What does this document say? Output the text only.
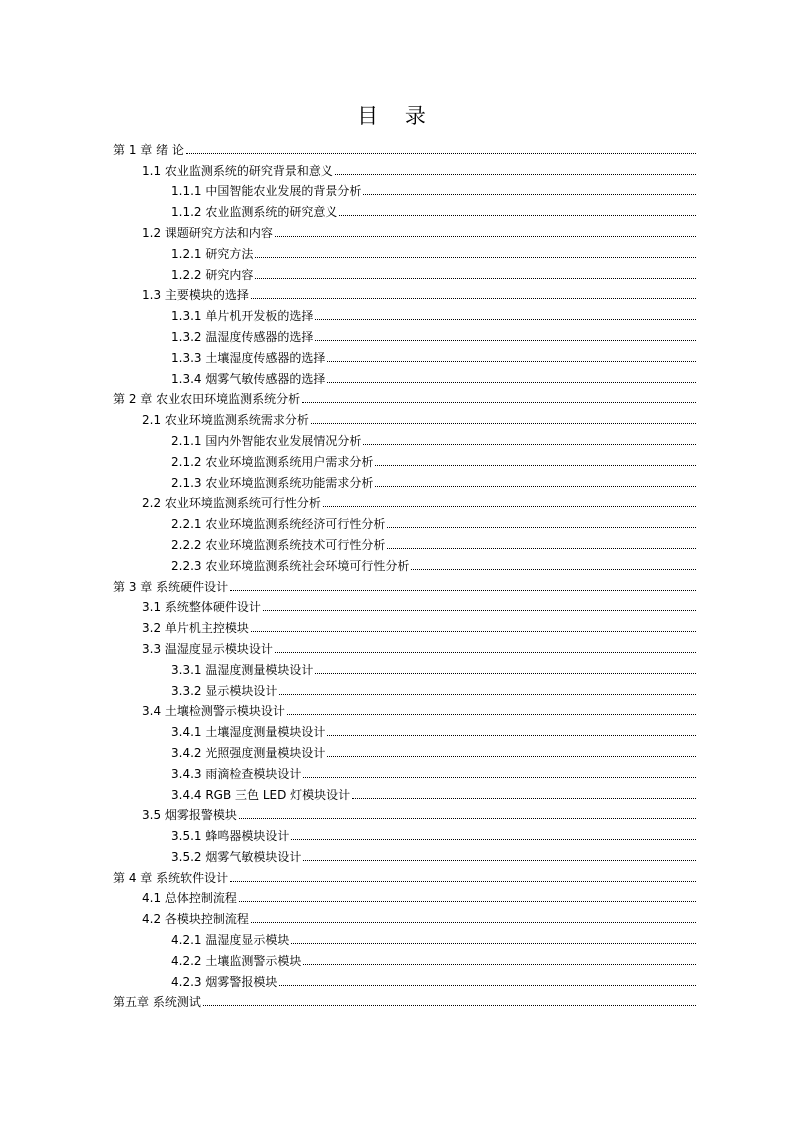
目 录
第 1 章 绪 论
1.1 农业监测系统的研究背景和意义
1.1.1 中国智能农业发展的背景分析
1.1.2 农业监测系统的研究意义
1.2 课题研究方法和内容
1.2.1 研究方法
1.2.2 研究内容
1.3 主要模块的选择
1.3.1 单片机开发板的选择
1.3.2 温湿度传感器的选择
1.3.3 土壤湿度传感器的选择
1.3.4 烟雾气敏传感器的选择
第 2 章 农业农田环境监测系统分析
2.1 农业环境监测系统需求分析
2.1.1 国内外智能农业发展情况分析
2.1.2 农业环境监测系统用户需求分析
2.1.3 农业环境监测系统功能需求分析
2.2 农业环境监测系统可行性分析
2.2.1 农业环境监测系统经济可行性分析
2.2.2 农业环境监测系统技术可行性分析
2.2.3 农业环境监测系统社会环境可行性分析
第 3 章 系统硬件设计
3.1 系统整体硬件设计
3.2 单片机主控模块
3.3 温湿度显示模块设计
3.3.1 温湿度测量模块设计
3.3.2 显示模块设计
3.4 土壤检测警示模块设计
3.4.1 土壤湿度测量模块设计
3.4.2 光照强度测量模块设计
3.4.3 雨滴检查模块设计
3.4.4 RGB 三色 LED 灯模块设计
3.5 烟雾报警模块
3.5.1 蜂鸣器模块设计
3.5.2 烟雾气敏模块设计
第 4 章 系统软件设计
4.1 总体控制流程
4.2 各模块控制流程
4.2.1 温湿度显示模块
4.2.2 土壤监测警示模块
4.2.3 烟雾警报模块
第五章 系统测试
